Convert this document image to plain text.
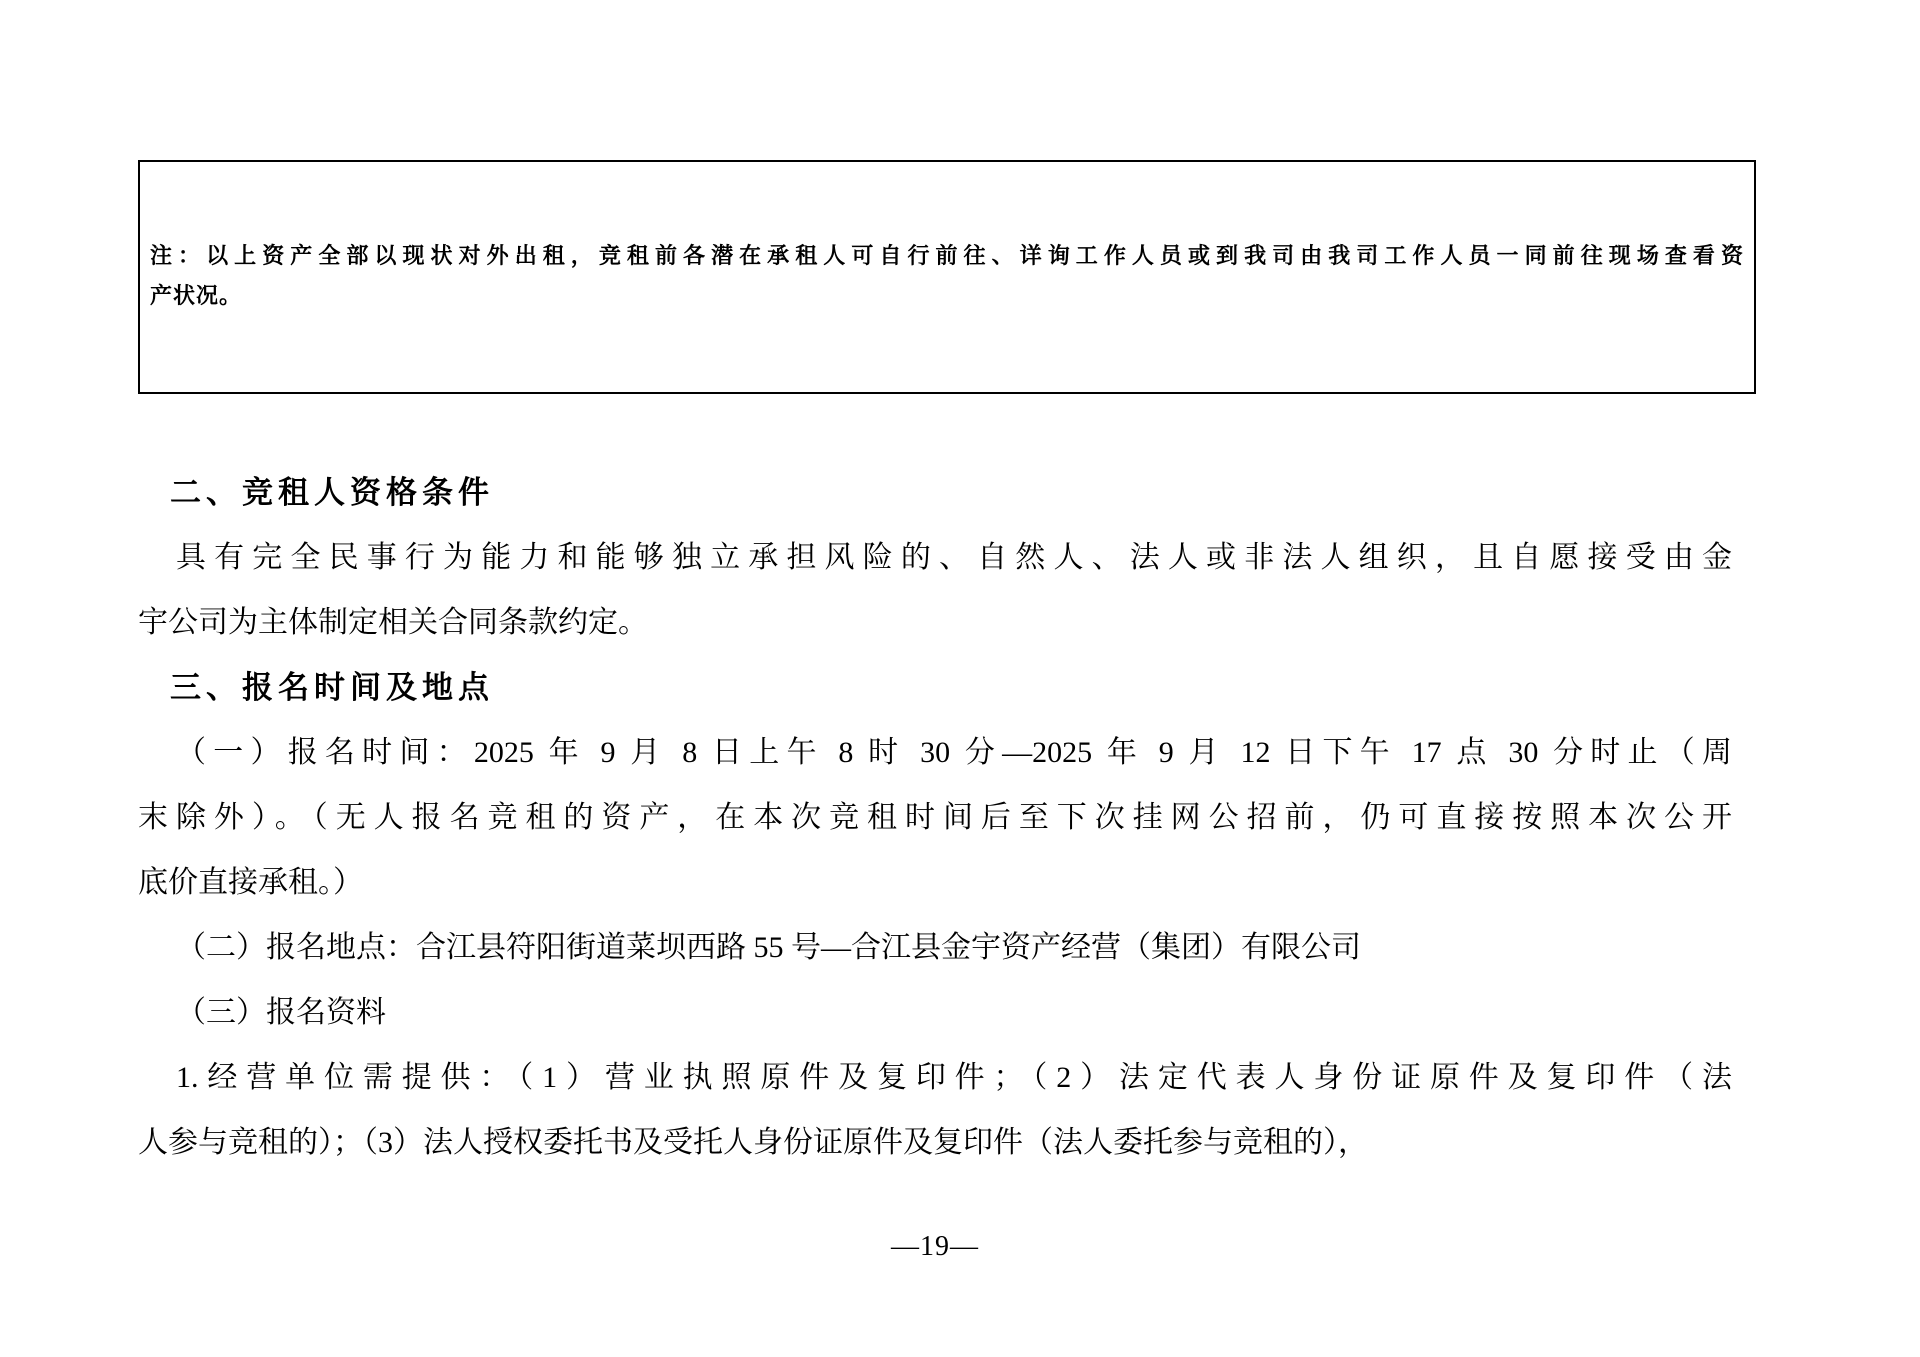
注：以上资产全部以现状对外出租，竞租前各潜在承租人可自行前往、详询工作人员或到我司由我司工作人员一同前往现场查看资
产状况。
二、竞租人资格条件
具有完全民事行为能力和能够独立承担风险的、自然人、法人或非法人组织，且自愿接受由金
宇公司为主体制定相关合同条款约定。
三、报名时间及地点
（一）报名时间：2025 年 9 月 8 日上午 8 时 30 分—2025 年 9 月 12 日下午 17 点 30 分时止（周
末除外）。（无人报名竞租的资产，在本次竞租时间后至下次挂网公招前，仍可直接按照本次公开
底价直接承租。）
（二）报名地点：合江县符阳街道菜坝西路 55 号—合江县金宇资产经营（集团）有限公司
（三）报名资料
1.经营单位需提供：（1）营业执照原件及复印件；（2）法定代表人身份证原件及复印件（法
人参与竞租的）；（3）法人授权委托书及受托人身份证原件及复印件（法人委托参与竞租的），
—19—
